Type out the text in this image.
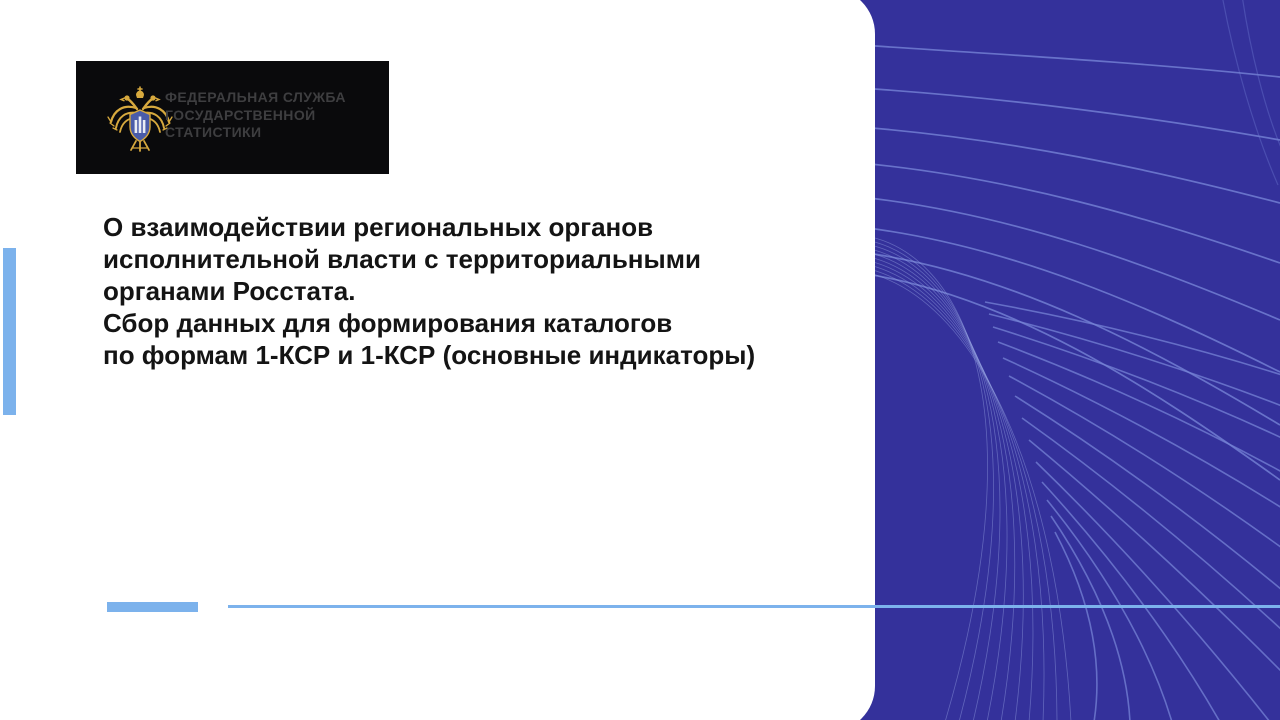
ФЕДЕРАЛЬНАЯ СЛУЖБА
ГОСУДАРСТВЕННОЙ
СТАТИСТИКИ
О взаимодействии региональных органов
исполнительной власти с территориальными
органами Росстата.
Сбор данных для формирования каталогов
по формам 1-КСР и 1-КСР (основные индикаторы)
